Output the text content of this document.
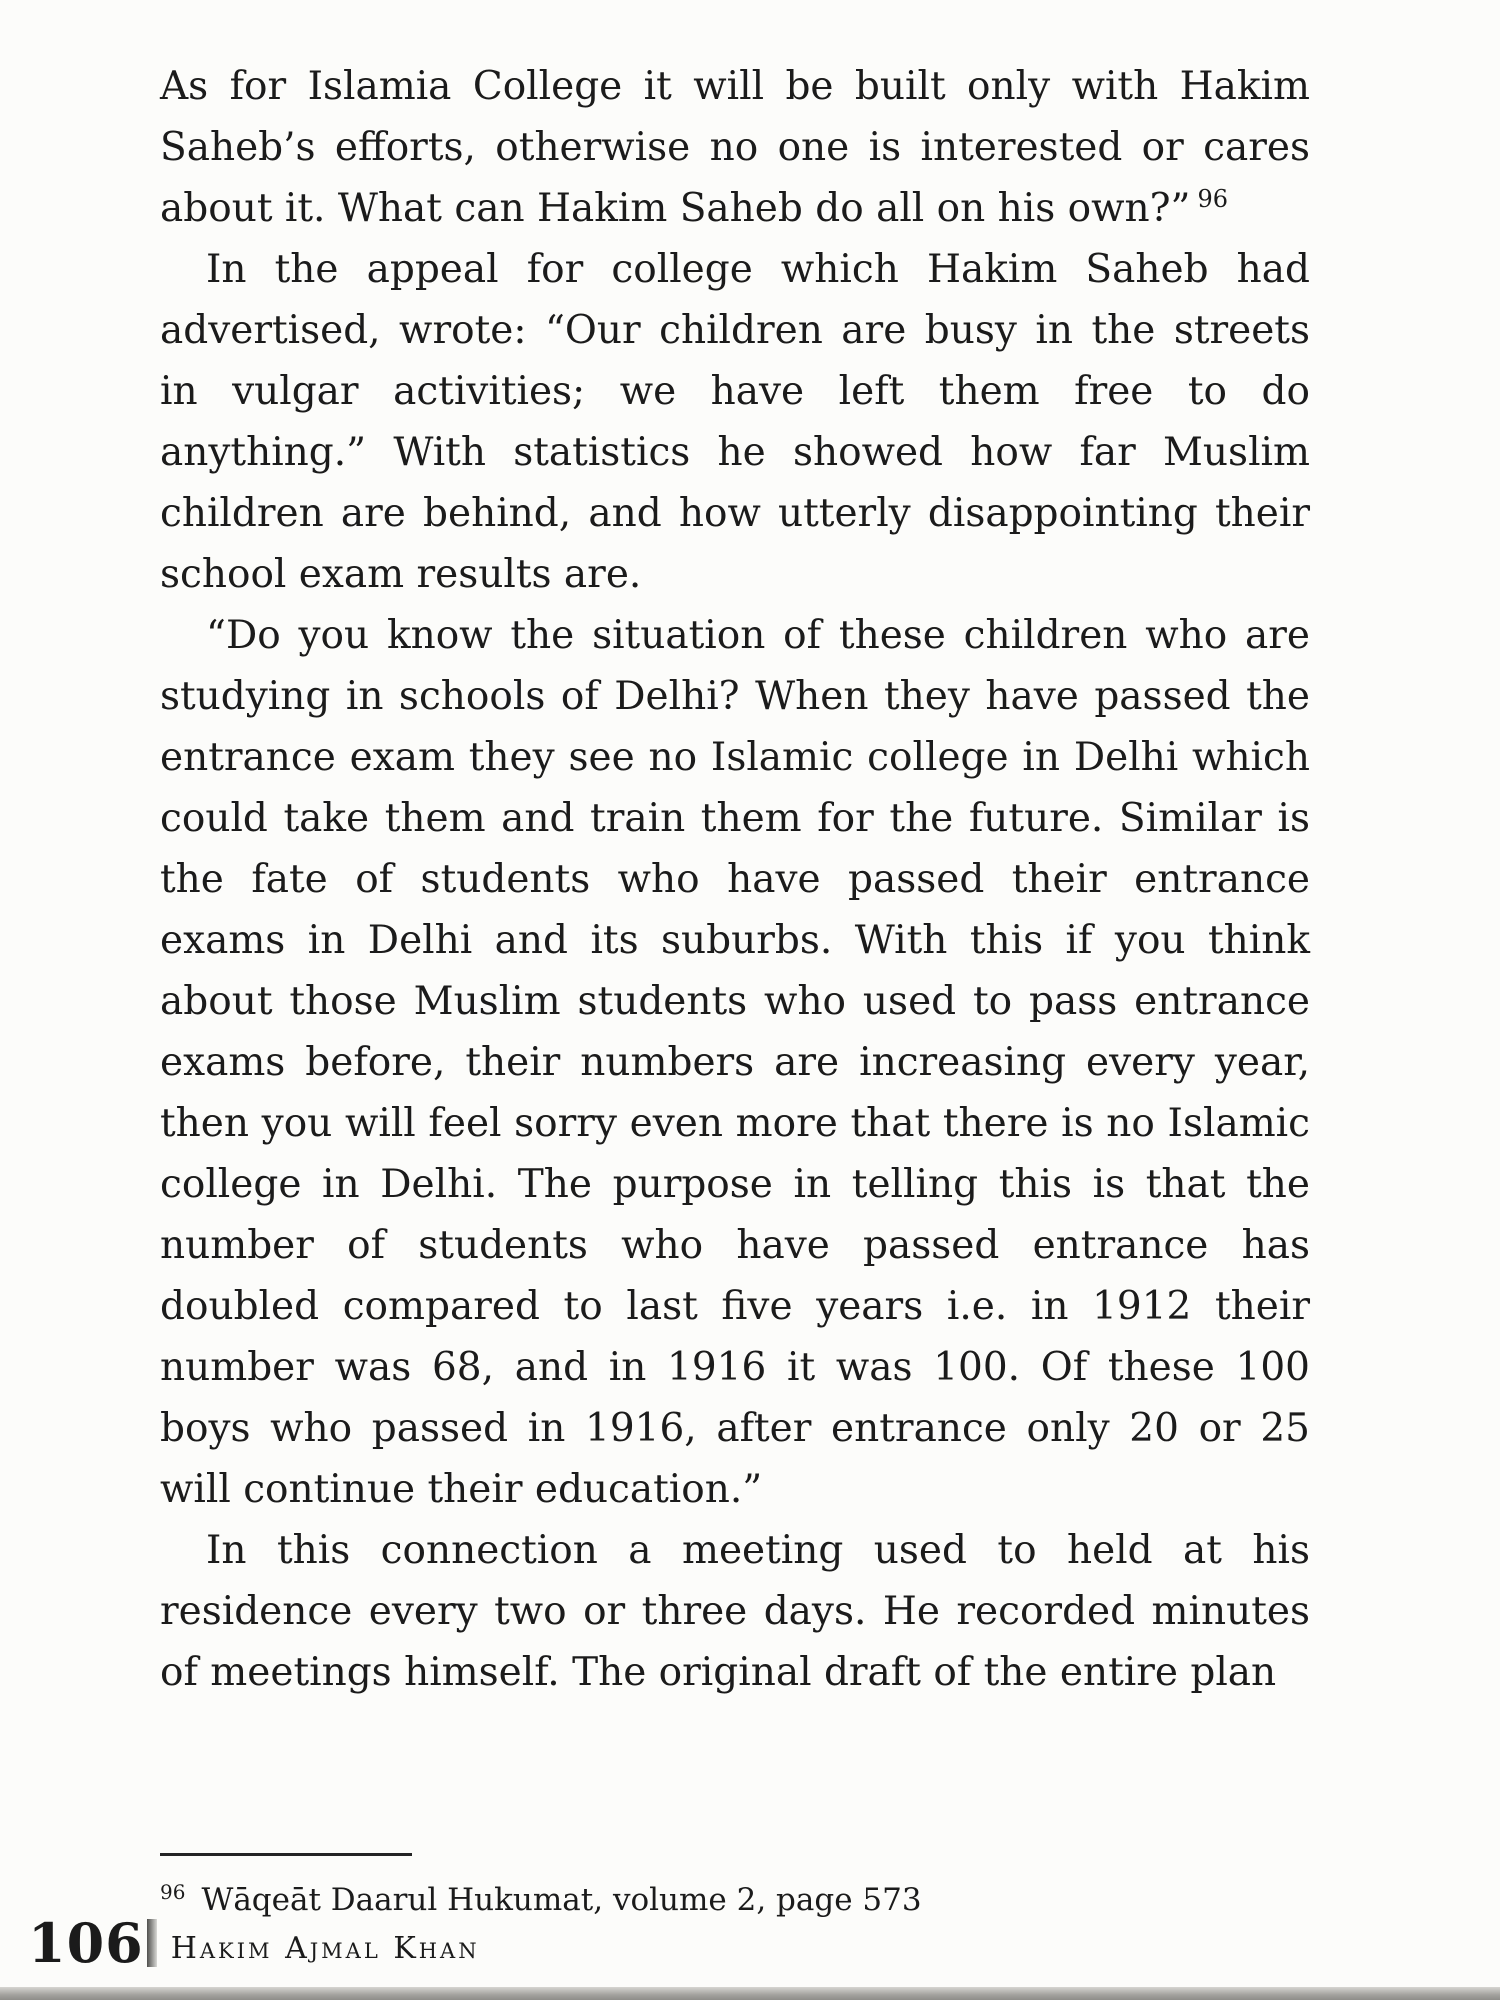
As for Islamia College it will be built only with Hakim Saheb’s efforts, otherwise no one is interested or cares about it. What can Hakim Saheb do all on his own?” $^{96}$

In the appeal for college which Hakim Saheb had advertised, wrote: “Our children are busy in the streets in vulgar activities; we have left them free to do anything.” With statistics he showed how far Muslim children are behind, and how utterly disappointing their school exam results are.

“Do you know the situation of these children who are studying in schools of Delhi? When they have passed the entrance exam they see no Islamic college in Delhi which could take them and train them for the future. Similar is the fate of students who have passed their entrance exams in Delhi and its suburbs. With this if you think about those Muslim students who used to pass entrance exams before, their numbers are increasing every year, then you will feel sorry even more that there is no Islamic college in Delhi. The purpose in telling this is that the number of students who have passed entrance has doubled compared to last five years i.e. in 1912 their number was 68, and in 1916 it was 100. Of these 100 boys who passed in 1916, after entrance only 20 or 25 will continue their education.”

In this connection a meeting used to held at his residence every two or three days. He recorded minutes of meetings himself. The original draft of the entire plan

$^{96}$ Wāqeāt Daarul Hukumat, volume 2, page 573
106 Hakim Ajmal Khan
